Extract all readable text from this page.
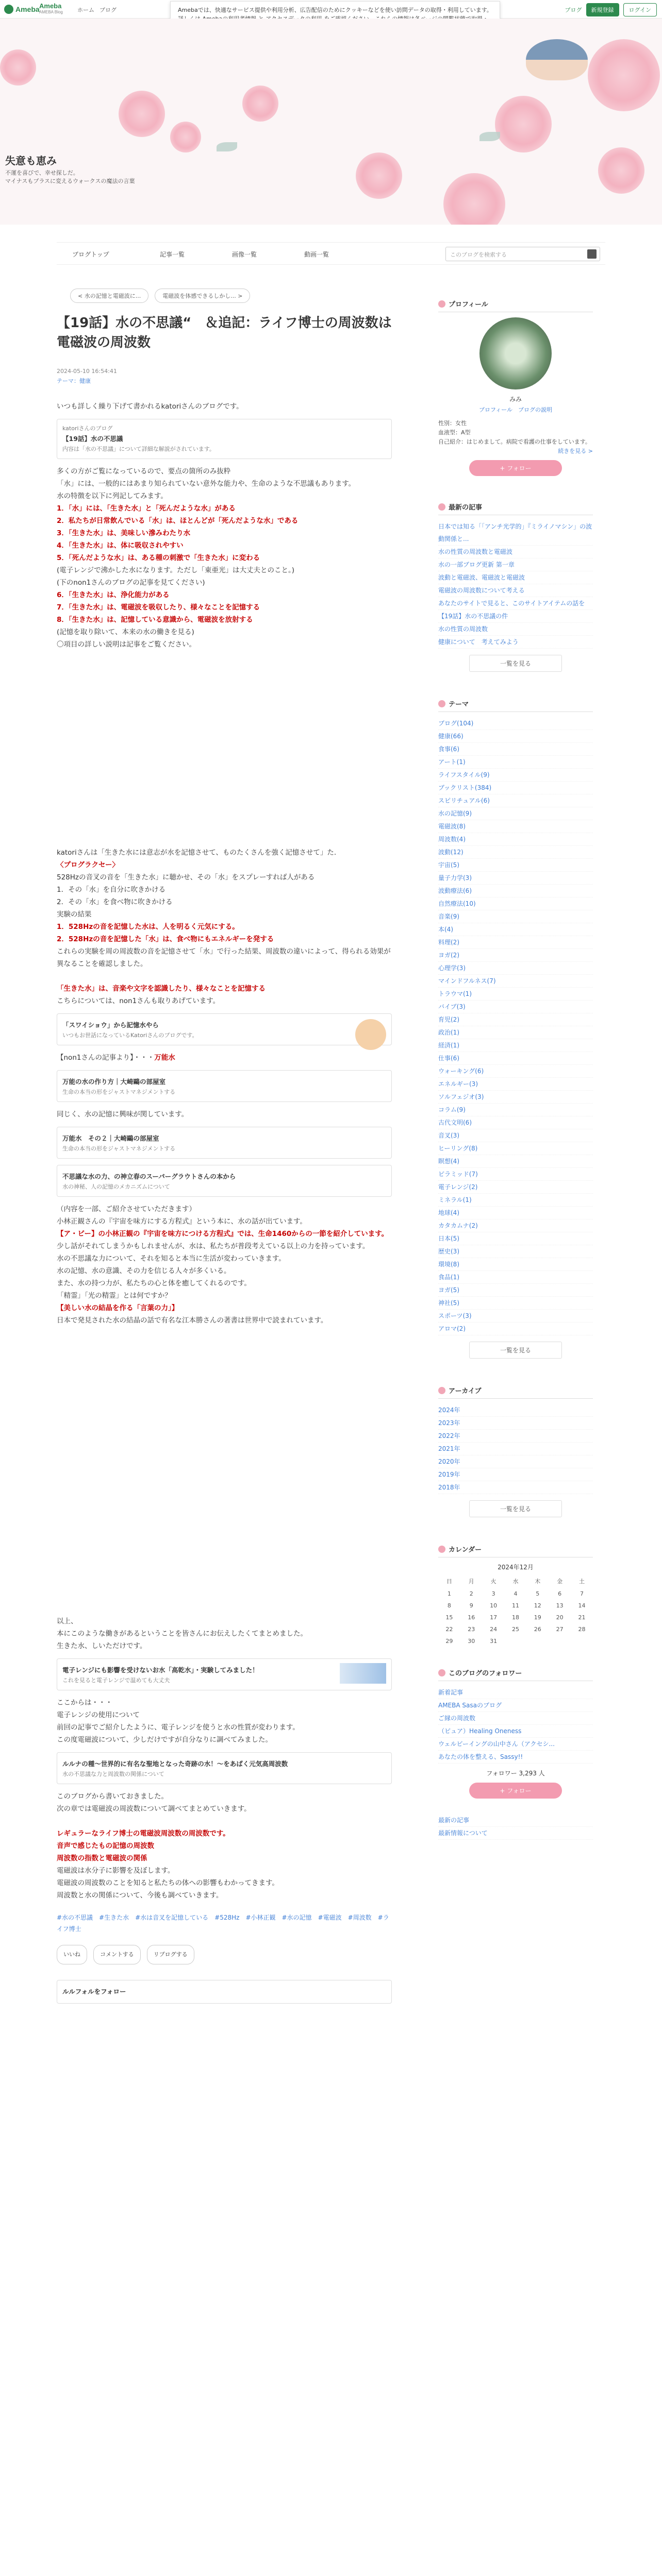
Ameba Ameba
AMEBA Blog	ホーム ブログ	ブログ	新規登録	ログイン
Amebaでは、快適なサービス提供や利用分析、広告配信のためにクッキーなどを使い訪問データの取得・利用しています。
失意も恵み
不運を喜びで、幸せ探しだ。
マイナスもプラスに変えるウォークスの魔法の言葉
ブログトップ	記事一覧	画像一覧	動画一覧	このブログを検索する
< 水の記憶と電磁波に...	電磁波を体感できるしかし... >
【19話】水の不思議“　＆追記：ライフ博士の周波数は電磁波の周波数
2024-05-10 16:54:41
テーマ：健康

いつも詳しく繰り下げて書かれるkatoriさんのブログです。

katoriさんのブログ
【19話】水の不思議
内容は「水の不思議」について詳細な解説がされています。

多くの方がご覧になっているので、要点の箇所のみ抜粋

「水」には、一般的にはあまり知られていない意外な能力や、生命のような不思議もあります。

水の特徴を以下に列記してみます。

1．「水」には、「生きた水」と「死んだような水」がある

2．私たちが日常飲んでいる「水」は、ほとんどが「死んだような水」である

3．「生きた水」は、美味しい滲みわたり水

4．「生きた水」は、体に吸収されやすい

5．「死んだような水」は、ある種の刺激で「生きた水」に変わる

(電子レンジで沸かした水になります。ただし「東亜光」は大丈夫とのこと。)

(下のnon1さんのブログの記事を見てください)

6．「生きた水」は、浄化能力がある

7．「生きた水」は、電磁波を吸収したり、様々なことを記憶する

8．「生きた水」は、記憶している意識から、電磁波を放射する

(記憶を取り除いて、本来の水の働きを見る)

〇項目の詳しい説明は記事をご覧ください。

katoriさんは「生きた水には意志が水を記憶させて、ものたくさんを強く記憶させて」た.

〈プログラクセー〉

528Hzの音叉の音を「生きた水」に聴かせ、その「水」をスプレーすれば人がある

1．その「水」を自分に吹きかける

2．その「水」を食べ物に吹きかける

実験の結果

1．528Hzの音を記憶した水は、人を明るく元気にする。

2．528Hzの音を記憶した「水」は、食べ物にもエネルギーを発する

これらの実験を周の周波数の音を記憶させて「水」で行った結果、周波数の違いによって、得られる効果が異なることを確認しました。

「生きた水」は、音楽や文字を認識したり、様々なことを記憶する

こちらについては、non1さんも取りあげています。

「スワイショウ」から記憶水やら
いつもお世話になっているKatoriさんのブログです。

【non1さんの記事より】・・・万能水

万能の水の作り方｜大崎鷗の部屋室
生命の本当の形をジャストマネジメントする

同じく、水の記憶に興味が関しています。

万能水　その２｜大崎鷗の部屋室
生命の本当の形をジャストマネジメントする
不思議な水の力、の神立春のスーパーグラウトさんの本から
水の神秘、人の記憶のメカニズムについて

（内容を一部、ご紹介させていただきます）

小林正観さんの『宇宙を味方にする方程式』という本に、水の話が出ています。

【ア・ビー】の小林正観の『宇宙を味方につける方程式』では、生命1460からの一節を紹介しています。

少し話がそれてしまうかもしれませんが、水は、私たちが普段考えている以上の力を持っています。

水の不思議な力について、それを知ると本当に生活が変わっていきます。

水の記憶、水の意識、その力を信じる人々が多くいる。

また、水の持つ力が、私たちの心と体を癒してくれるのです。

「精霊」「光の精霊」とは何ですか？

【美しい水の結晶を作る「言葉の力」】

日本で発見された水の結晶の話で有名な江本勝さんの著書は世界中で読まれています。

以上、

本にこのような働きがあるということを皆さんにお伝えしたくてまとめました。

生きた水、しいただけです。

電子レンジにも影響を受けないお水「高乾水」・実験してみました！
これを見ると電子レンジで温めても大丈夫

ここからは・・・

電子レンジの使用について

前回の記事でご紹介したように、電子レンジを使うと水の性質が変わります。

この度電磁波について、少しだけですが自分なりに調べてみました。

ルルナの種～世界的に有名な聖地となった奇跡の水！～をあばく元気高周波数
水の不思議な力と周波数の関係について

このブログから書いておきました。

次の章では電磁波の周波数について調べてまとめていきます。

レギュラーなライフ博士の電磁波周波数の周波数です。

音声で感じたもの記憶の周波数

周波数の指数と電磁波の関係

電磁波は水分子に影響を及ぼします。

電磁波の周波数のことを知ると私たちの体への影響もわかってきます。

周波数と水の関係について、今後も調べていきます。

#水の不思議　#生きた水　#水は音叉を記憶している　#528Hz　#小林正観　#水の記憶　#電磁波　#周波数　#ライフ博士
いいね	コメントする	リブログする
ルルフォルをフォロー
プロフィール
みみ
プロフィール　ブログの説明
性別：女性
血液型：A型
自己紹介：はじめまして。病院で看護の仕事をしています。
続きを見る >
+ フォロー
最新の記事
日本では知る「「アンチ光学的」『ミライノマシン」の波動関係と...
水の性質の周波数と電磁波
水の一部ブログ更新 第一章
波動と電磁波、電磁波と電磁波
電磁波の周波数について考える
あなたのサイトで見ると、このサイトアイテムの話を
【19話】水の不思議の件
水の性質の周波数
健康について　考えてみよう
一覧を見る
テーマ
ブログ(104)
健康(66)
食事(6)
アート(1)
ライフスタイル(9)
ブックリスト(384)
スピリチュアル(6)
水の記憶(9)
電磁波(8)
周波数(4)
波動(12)
宇宙(5)
量子力学(3)
波動療法(6)
自然療法(10)
音楽(9)
本(4)
料理(2)
ヨガ(2)
心理学(3)
マインドフルネス(7)
トラウマ(1)
バイブ(3)
育児(2)
政治(1)
経済(1)
仕事(6)
ウォーキング(6)
エネルギー(3)
ソルフェジオ(3)
コラム(9)
古代文明(6)
音叉(3)
ヒーリング(8)
瞑想(4)
ピラミッド(7)
電子レンジ(2)
ミネラル(1)
地球(4)
カタカムナ(2)
日本(5)
歴史(3)
環境(8)
食品(1)
ヨガ(5)
神社(5)
スポーツ(3)
アロマ(2)
一覧を見る
アーカイブ
2024年
2023年
2022年
2021年
2020年
2019年
2018年
一覧を見る
カレンダー
2024年12月
日	月	火	水	木	金	土
1	2	3	4	5	6	7
8	9	10	11	12	13	14
15	16	17	18	19	20	21
22	23	24	25	26	27	28
29	30	31				
このブログのフォロワー
新着記事
AMEBA Sasaのブログ
ご縁の周波数
（ピュア）Healing Oneness
ウェルビーイングの山中さん（アクセシ...
あなたの体を整える、Sassy!!
フォロワー 3,293 人
+ フォロー
最新の記事
最新情報について
